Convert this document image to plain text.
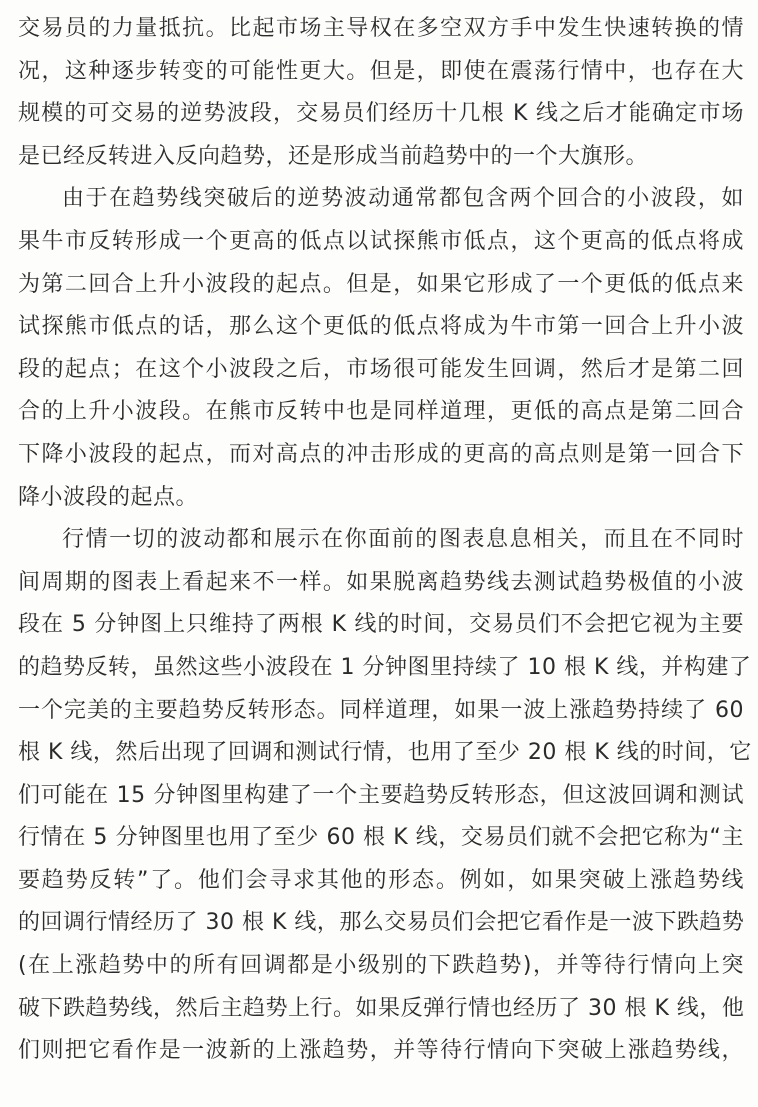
交易员的力量抵抗。比起市场主导权在多空双方手中发生快速转换的情
况，这种逐步转变的可能性更大。但是，即使在震荡行情中，也存在大
规模的可交易的逆势波段，交易员们经历十几根 K 线之后才能确定市场
是已经反转进入反向趋势，还是形成当前趋势中的一个大旗形。
由于在趋势线突破后的逆势波动通常都包含两个回合的小波段，如
果牛市反转形成一个更高的低点以试探熊市低点，这个更高的低点将成
为第二回合上升小波段的起点。但是，如果它形成了一个更低的低点来
试探熊市低点的话，那么这个更低的低点将成为牛市第一回合上升小波
段的起点；在这个小波段之后，市场很可能发生回调，然后才是第二回
合的上升小波段。在熊市反转中也是同样道理，更低的高点是第二回合
下降小波段的起点，而对高点的冲击形成的更高的高点则是第一回合下
降小波段的起点。
行情一切的波动都和展示在你面前的图表息息相关，而且在不同时
间周期的图表上看起来不一样。如果脱离趋势线去测试趋势极值的小波
段在 5 分钟图上只维持了两根 K 线的时间，交易员们不会把它视为主要
的趋势反转，虽然这些小波段在 1 分钟图里持续了 10 根 K 线，并构建了
一个完美的主要趋势反转形态。同样道理，如果一波上涨趋势持续了 60
根 K 线，然后出现了回调和测试行情，也用了至少 20 根 K 线的时间，它
们可能在 15 分钟图里构建了一个主要趋势反转形态，但这波回调和测试
行情在 5 分钟图里也用了至少 60 根 K 线，交易员们就不会把它称为“主
要趋势反转”了。他们会寻求其他的形态。例如，如果突破上涨趋势线
的回调行情经历了 30 根 K 线，那么交易员们会把它看作是一波下跌趋势
(在上涨趋势中的所有回调都是小级别的下跌趋势)，并等待行情向上突
破下跌趋势线，然后主趋势上行。如果反弹行情也经历了 30 根 K 线，他
们则把它看作是一波新的上涨趋势，并等待行情向下突破上涨趋势线，
